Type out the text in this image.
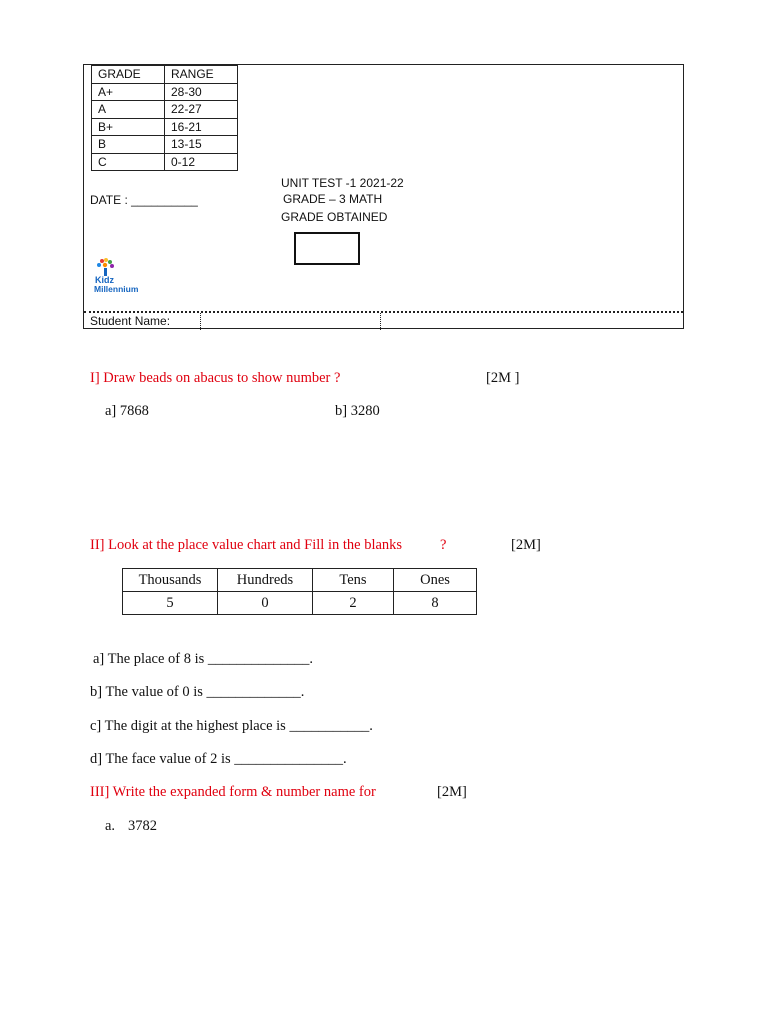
GRADE	RANGE
A+	28-30
A	22-27
B+	16-21
B	13-15
C	0-12
DATE : __________
UNIT TEST -1 2021-22
GRADE – 3 MATH
GRADE OBTAINED
Kidz
Millennium
Student Name:
I] Draw beads on abacus to show number ?	[2M ]
a] 7868	b] 3280
II] Look at the place value chart and Fill in the blanks	?	[2M]
Thousands	Hundreds	Tens	Ones
5	0	2	8
a] The place of 8 is ______________.
b] The value of 0 is _____________.
c] The digit at the highest place is ___________.
d] The face value of 2 is _______________.
III] Write the expanded form & number name for	[2M]
a. 3782
